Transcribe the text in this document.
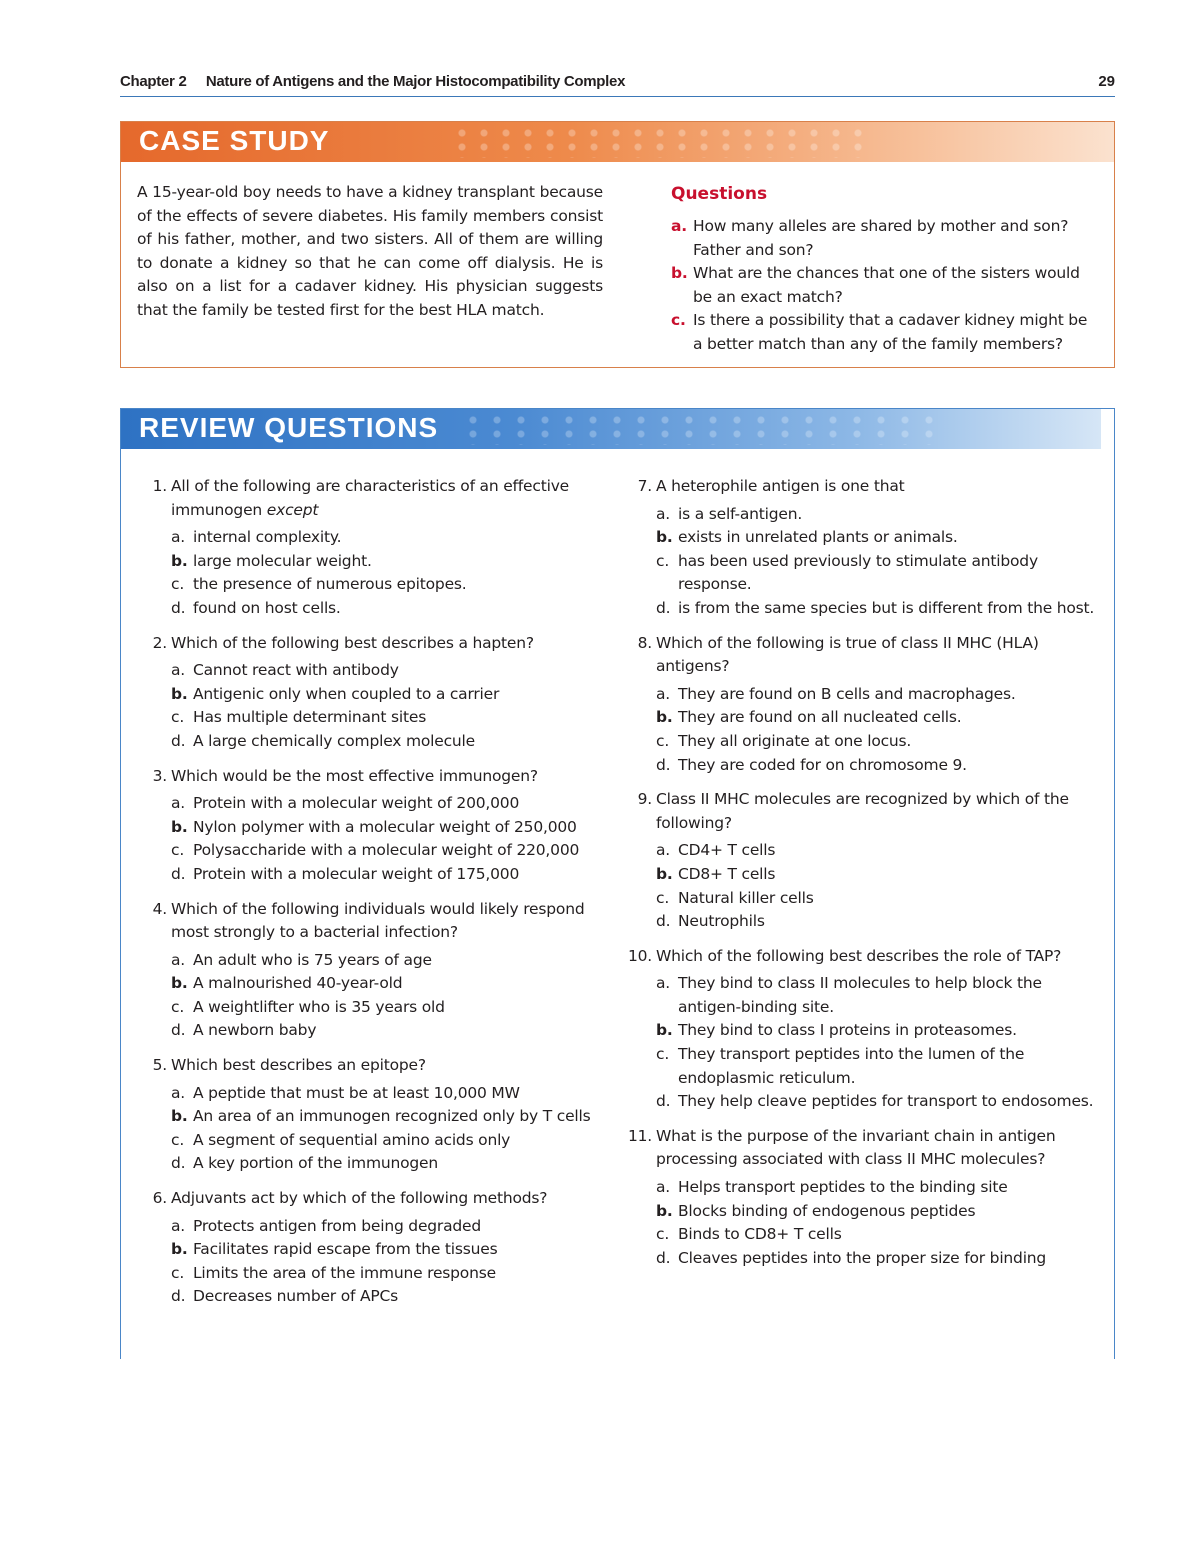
Chapter 2     Nature of Antigens and the Major Histocompatibility Complex	29
CASE STUDY
A 15-year-old boy needs to have a kidney transplant because of the effects of severe diabetes. His family members consist of his father, mother, and two sisters. All of them are willing to donate a kidney so that he can come off dialysis. He is also on a list for a cadaver kidney. His physician suggests that the family be tested first for the best HLA match.
Questions
a. How many alleles are shared by mother and son? Father and son?
b. What are the chances that one of the sisters would be an exact match?
c. Is there a possibility that a cadaver kidney might be a better match than any of the family members?
REVIEW QUESTIONS
1. All of the following are characteristics of an effective immunogen except
a. internal complexity.
b. large molecular weight.
c. the presence of numerous epitopes.
d. found on host cells.
2. Which of the following best describes a hapten?
a. Cannot react with antibody
b. Antigenic only when coupled to a carrier
c. Has multiple determinant sites
d. A large chemically complex molecule
3. Which would be the most effective immunogen?
a. Protein with a molecular weight of 200,000
b. Nylon polymer with a molecular weight of 250,000
c. Polysaccharide with a molecular weight of 220,000
d. Protein with a molecular weight of 175,000
4. Which of the following individuals would likely respond most strongly to a bacterial infection?
a. An adult who is 75 years of age
b. A malnourished 40-year-old
c. A weightlifter who is 35 years old
d. A newborn baby
5. Which best describes an epitope?
a. A peptide that must be at least 10,000 MW
b. An area of an immunogen recognized only by T cells
c. A segment of sequential amino acids only
d. A key portion of the immunogen
6. Adjuvants act by which of the following methods?
a. Protects antigen from being degraded
b. Facilitates rapid escape from the tissues
c. Limits the area of the immune response
d. Decreases number of APCs
7. A heterophile antigen is one that
a. is a self-antigen.
b. exists in unrelated plants or animals.
c. has been used previously to stimulate antibody response.
d. is from the same species but is different from the host.
8. Which of the following is true of class II MHC (HLA) antigens?
a. They are found on B cells and macrophages.
b. They are found on all nucleated cells.
c. They all originate at one locus.
d. They are coded for on chromosome 9.
9. Class II MHC molecules are recognized by which of the following?
a. CD4+ T cells
b. CD8+ T cells
c. Natural killer cells
d. Neutrophils
10. Which of the following best describes the role of TAP?
a. They bind to class II molecules to help block the antigen-binding site.
b. They bind to class I proteins in proteasomes.
c. They transport peptides into the lumen of the endoplasmic reticulum.
d. They help cleave peptides for transport to endosomes.
11. What is the purpose of the invariant chain in antigen processing associated with class II MHC molecules?
a. Helps transport peptides to the binding site
b. Blocks binding of endogenous peptides
c. Binds to CD8+ T cells
d. Cleaves peptides into the proper size for binding
